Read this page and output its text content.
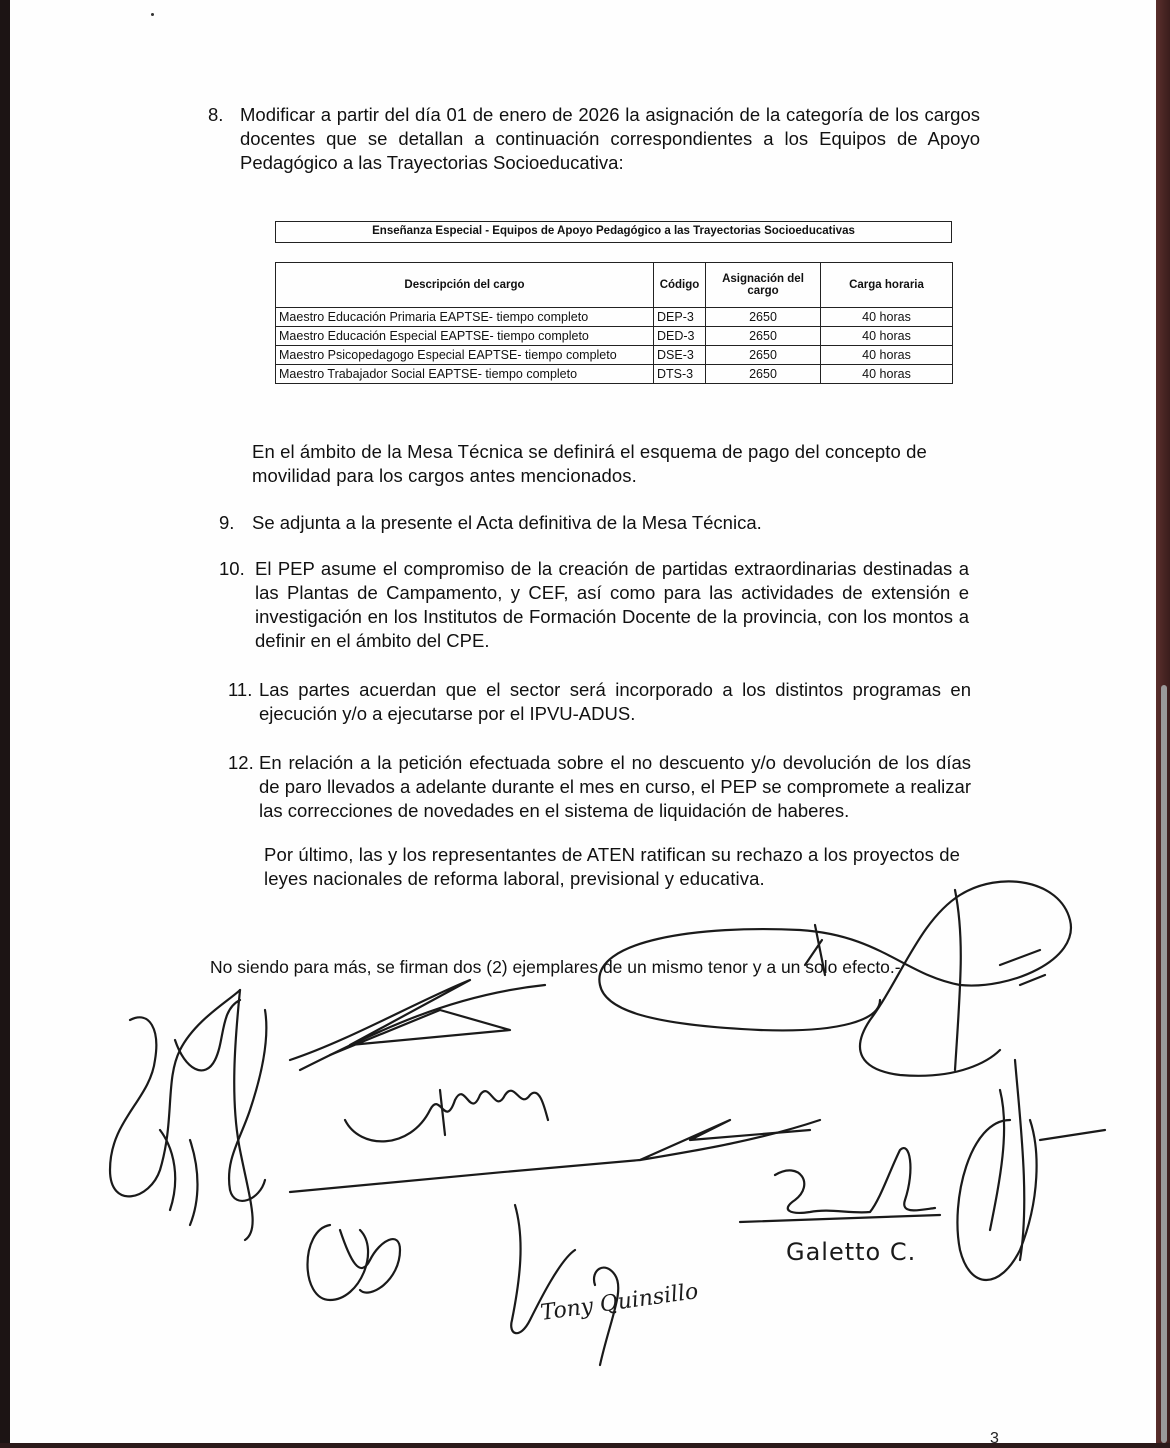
8. Modificar a partir del día 01 de enero de 2026 la asignación de la categoría de los cargos docentes que se detallan a continuación correspondientes a los Equipos de Apoyo Pedagógico a las Trayectorias Socioeducativa:
Enseñanza Especial - Equipos de Apoyo Pedagógico a las Trayectorias Socioeducativas
Descripción del cargo	Código	Asignación del cargo	Carga horaria
Maestro Educación Primaria EAPTSE- tiempo completo	DEP-3	2650	40 horas
Maestro Educación Especial EAPTSE- tiempo completo	DED-3	2650	40 horas
Maestro Psicopedagogo Especial EAPTSE- tiempo completo	DSE-3	2650	40 horas
Maestro Trabajador Social EAPTSE- tiempo completo	DTS-3	2650	40 horas
En el ámbito de la Mesa Técnica se definirá el esquema de pago del concepto de movilidad para los cargos antes mencionados.
9. Se adjunta a la presente el Acta definitiva de la Mesa Técnica.
10. El PEP asume el compromiso de la creación de partidas extraordinarias destinadas a las Plantas de Campamento, y CEF, así como para las actividades de extensión e investigación en los Institutos de Formación Docente de la provincia, con los montos a definir en el ámbito del CPE.
11. Las partes acuerdan que el sector será incorporado a los distintos programas en ejecución y/o a ejecutarse por el IPVU-ADUS.
12. En relación a la petición efectuada sobre el no descuento y/o devolución de los días de paro llevados a adelante durante el mes en curso, el PEP se compromete a realizar las correcciones de novedades en el sistema de liquidación de haberes.
Por último, las y los representantes de ATEN ratifican su rechazo a los proyectos de leyes nacionales de reforma laboral, previsional y educativa.
3
No siendo para más, se firman dos (2) ejemplares de un mismo tenor y a un solo efecto.-
Galetto C.
Tony Quinsillo
